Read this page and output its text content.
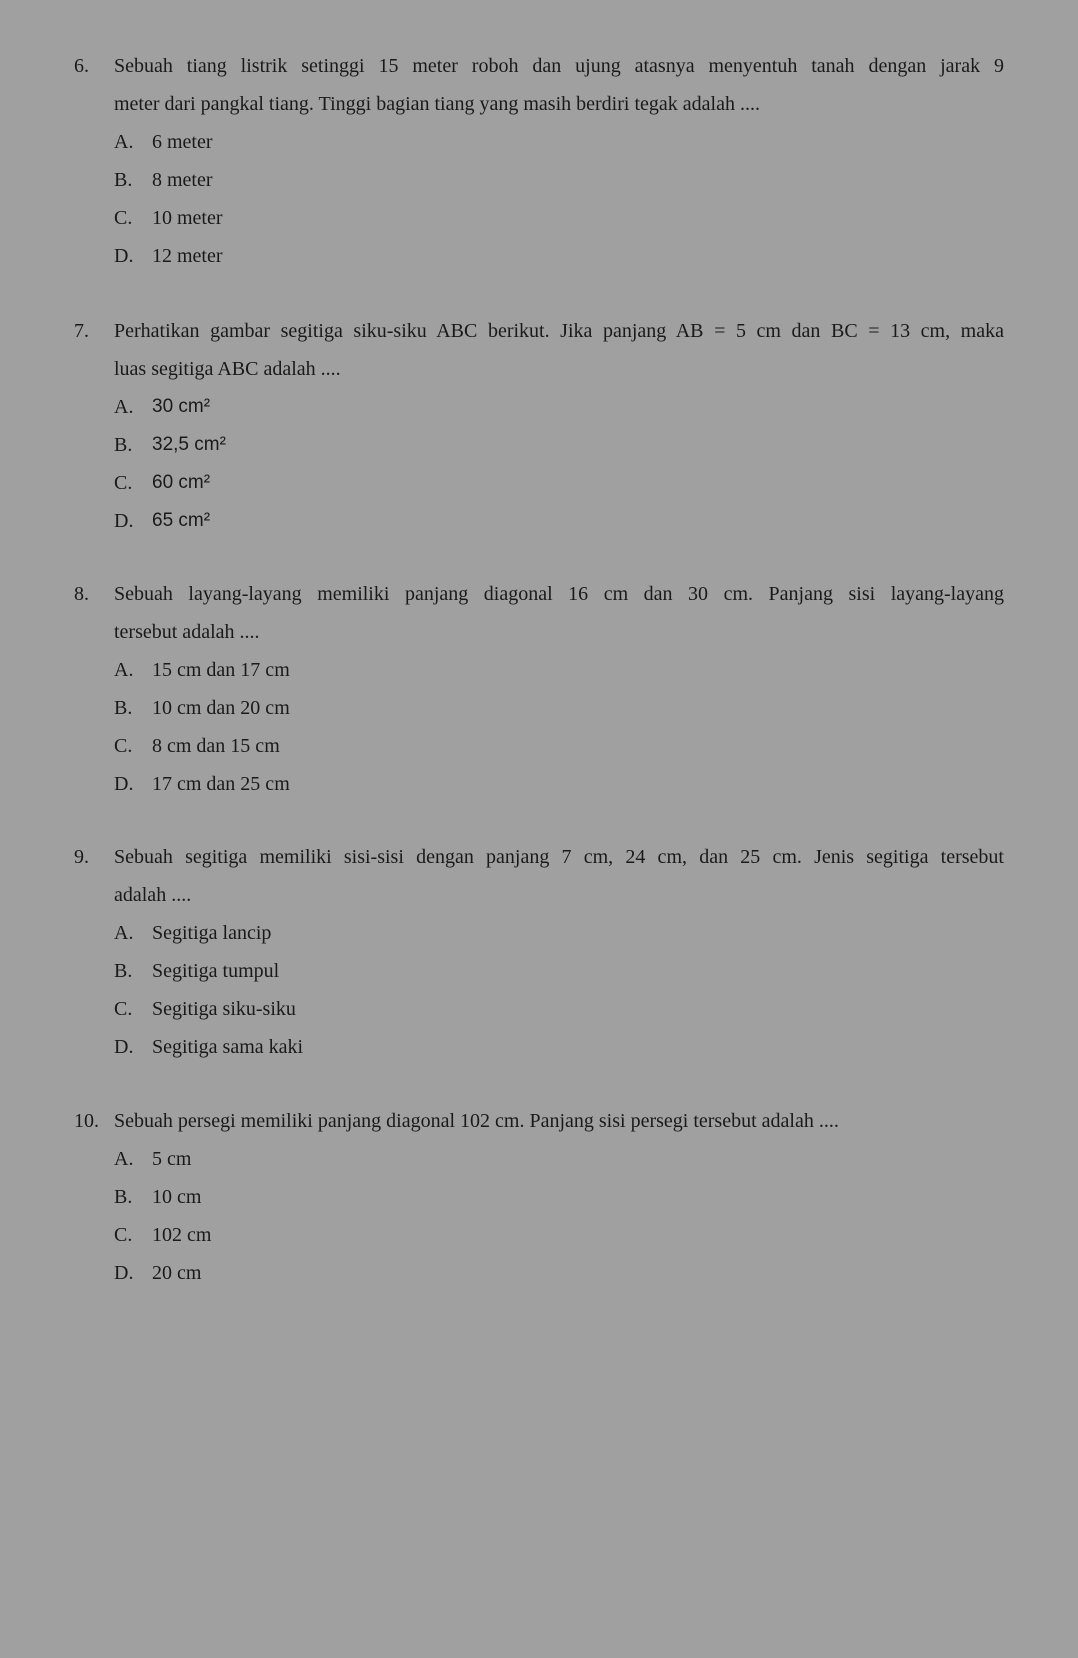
6. Sebuah tiang listrik setinggi 15 meter roboh dan ujung atasnya menyentuh tanah dengan jarak 9
meter dari pangkal tiang. Tinggi bagian tiang yang masih berdiri tegak adalah ....
A. 6 meter
B. 8 meter
C. 10 meter
D. 12 meter
7. Perhatikan gambar segitiga siku-siku ABC berikut. Jika panjang AB = 5 cm dan BC = 13 cm, maka
luas segitiga ABC adalah ....
A. 30 cm²
B. 32,5 cm²
C. 60 cm²
D. 65 cm²
8. Sebuah layang-layang memiliki panjang diagonal 16 cm dan 30 cm. Panjang sisi layang-layang
tersebut adalah ....
A. 15 cm dan 17 cm
B. 10 cm dan 20 cm
C. 8 cm dan 15 cm
D. 17 cm dan 25 cm
9. Sebuah segitiga memiliki sisi-sisi dengan panjang 7 cm, 24 cm, dan 25 cm. Jenis segitiga tersebut
adalah ....
A. Segitiga lancip
B. Segitiga tumpul
C. Segitiga siku-siku
D. Segitiga sama kaki
10. Sebuah persegi memiliki panjang diagonal 102 cm. Panjang sisi persegi tersebut adalah ....
A. 5 cm
B. 10 cm
C. 102 cm
D. 20 cm
